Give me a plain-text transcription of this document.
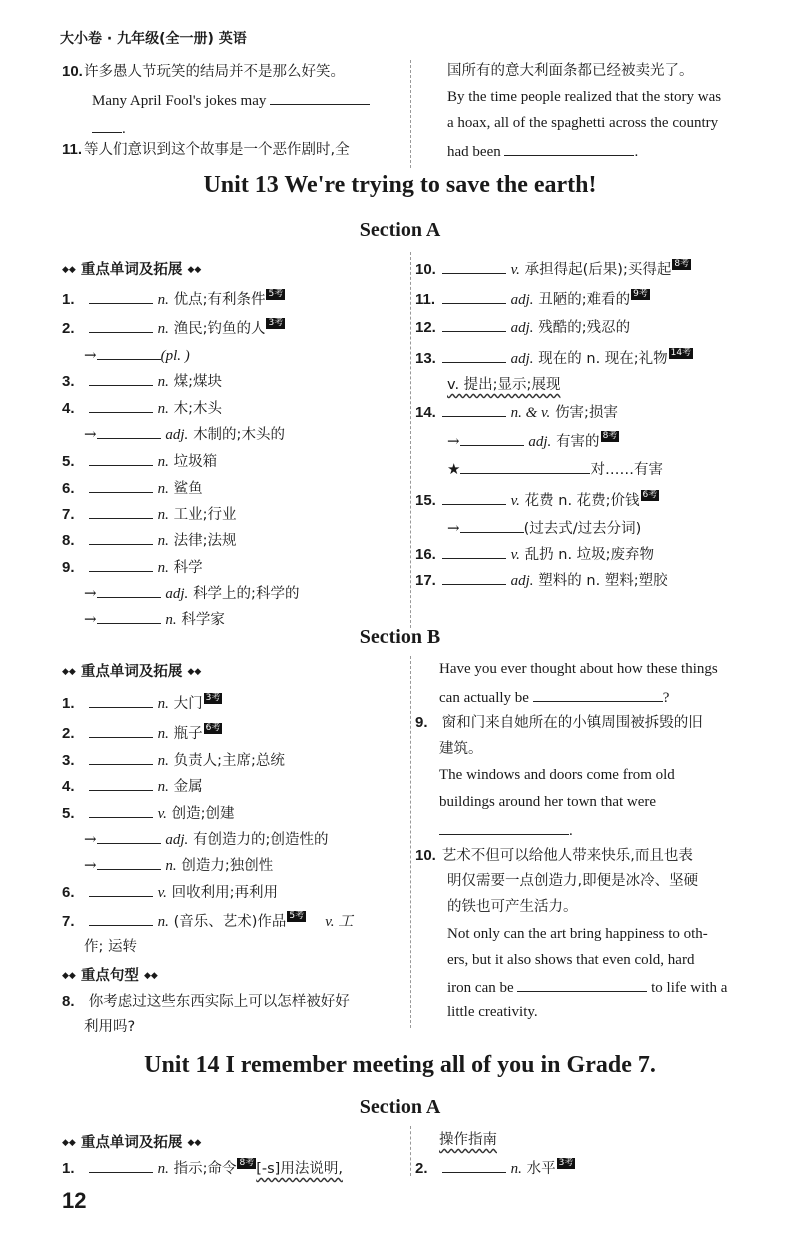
大小卷 · 九年级(全一册) 英语
10.许多愚人节玩笑的结局并不是那么好笑。
Many April Fool's jokes may
.
11. 等人们意识到这个故事是一个恶作剧时,全
国所有的意大利面条都已经被卖光了。
By the time people realized that the story was
a hoax, all of the spaghetti across the country
had been	.
Unit 13 We're trying to save the earth!
Section A
◆◆ 重点单词及拓展 ◆◆
1.	n. 优点;有利条件 5考
2.	n. 渔民;钓鱼的人 3考
→	(pl. )
3.	n. 煤;煤块
4.	n. 木;木头
→	adj. 木制的;木头的
5.	n. 垃圾箱
6.	n. 鲨鱼
7.	n. 工业;行业
8.	n. 法律;法规
9.	n. 科学
→	adj. 科学上的;科学的
→	n. 科学家
10.	v. 承担得起(后果);买得起 8考
11.	adj. 丑陋的;难看的 9考
12.	adj. 残酷的;残忍的
13.	adj. 现在的 n. 现在;礼物 14考
v. 提出;显示;展现
14.	n. & v. 伤害;损害
→	adj. 有害的 8考
★	对……有害
15.	v. 花费 n. 花费;价钱 6考
→	(过去式/过去分词)
16.	v. 乱扔 n. 垃圾;废弃物
17.	adj. 塑料的 n. 塑料;塑胶
Section B
◆◆ 重点单词及拓展 ◆◆
1.	n. 大门 3考
2.	n. 瓶子 6考
3.	n. 负责人;主席;总统
4.	n. 金属
5.	v. 创造;创建
→	adj. 有创造力的;创造性的
→	n. 创造力;独创性
6.	v. 回收利用;再利用
7.	n. (音乐、艺术)作品 5考 v. 工
作; 运转
◆◆ 重点句型 ◆◆
8. 你考虑过这些东西实际上可以怎样被好好
利用吗?
Have you ever thought about how these things
can actually be	?
9. 窗和门来自她所在的小镇周围被拆毁的旧
建筑。
The windows and doors come from old
buildings around her town that were
.
10. 艺术不但可以给他人带来快乐,而且也表
明仅需要一点创造力,即便是冰冷、坚硬
的铁也可产生活力。
Not only can the art bring happiness to oth-
ers, but it also shows that even cold, hard
iron can be	to life with a
little creativity.
Unit 14 I remember meeting all of you in Grade 7.
Section A
◆◆ 重点单词及拓展 ◆◆
1.	n. 指示;命令 8考 [-s]用法说明,
操作指南
2.	n. 水平 3考
12
